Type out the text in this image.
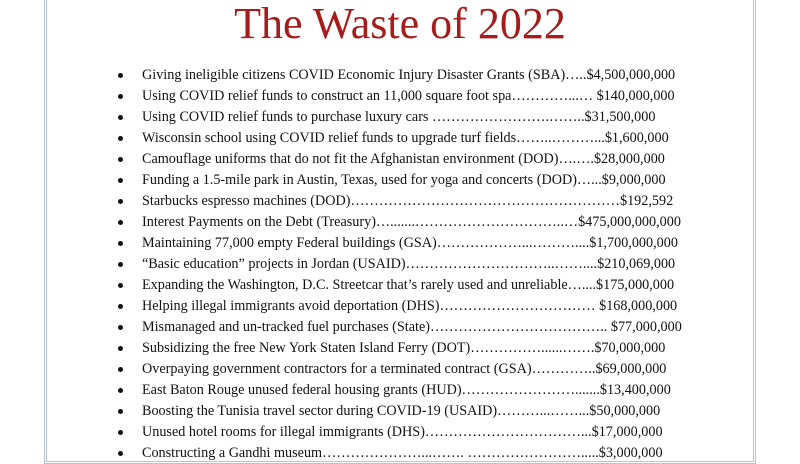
The Waste of 2022
Giving ineligible citizens COVID Economic Injury Disaster Grants (SBA)…..$4,500,000,000
Using COVID relief funds to construct an 11,000 square foot spa…………...… $140,000,000
Using COVID relief funds to purchase luxury cars …………………….……..$31,500,000
Wisconsin school using COVID relief funds to upgrade turf fields……..………...$1,600,000
Camouflage uniforms that do not fit the Afghanistan environment (DOD)….….$28,000,000
Funding a 1.5-mile park in Austin, Texas, used for yoga and concerts (DOD)…...$9,000,000
Starbucks espresso machines (DOD)…………………………………………………$192,592
Interest Payments on the Debt (Treasury)….......…………………………..…$475,000,000,000
Maintaining 77,000 empty Federal buildings (GSA)………………...………....$1,700,000,000
“Basic education” projects in Jordan (USAID)…………………………..……....$210,069,000
Expanding the Washington, D.C. Streetcar that’s rarely used and unreliable…....$175,000,000
Helping illegal immigrants avoid deportation (DHS)…………………………… $168,000,000
Mismanaged and un-tracked fuel purchases (State)……………………………….. $77,000,000
Subsidizing the free New York Staten Island Ferry (DOT)……………......…….$70,000,000
Overpaying government contractors for a terminated contract (GSA)…………..$69,000,000
East Baton Rouge unused federal housing grants (HUD)…………………….......$13,400,000
Boosting the Tunisia travel sector during COVID-19 (USAID)………...……...$50,000,000
Unused hotel rooms for illegal immigrants (DHS)……………………………...$17,000,000
Constructing a Gandhi museum…………………...……. …………………….....$3,000,000
